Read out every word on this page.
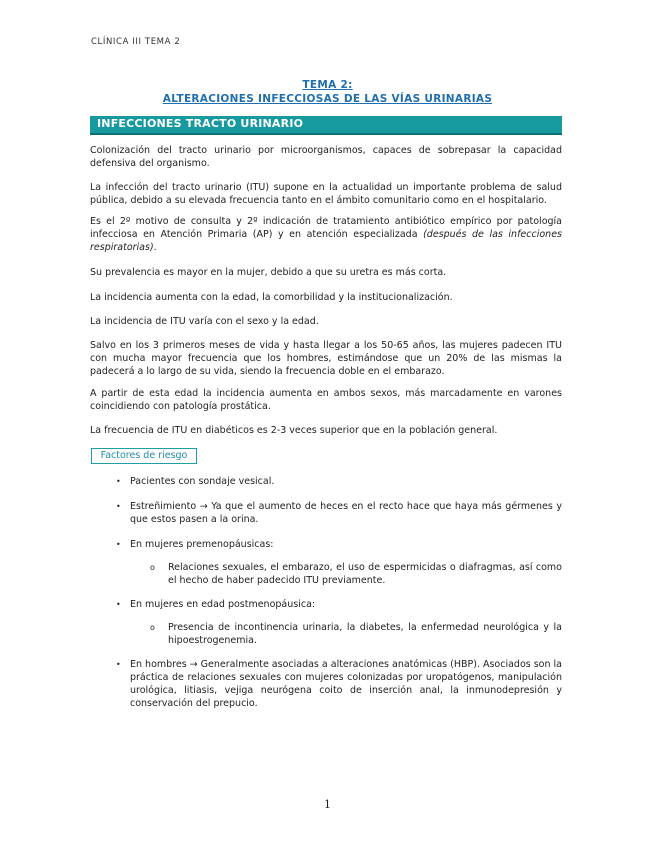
CLÍNICA III TEMA 2
TEMA 2:
ALTERACIONES INFECCIOSAS DE LAS VÍAS URINARIAS
INFECCIONES TRACTO URINARIO

Colonización del tracto urinario por microorganismos, capaces de sobrepasar la capacidad defensiva del organismo.

La infección del tracto urinario (ITU) supone en la actualidad un importante problema de salud pública, debido a su elevada frecuencia tanto en el ámbito comunitario como en el hospitalario.

Es el 2º motivo de consulta y 2º indicación de tratamiento antibiótico empírico por patología infecciosa en Atención Primaria (AP) y en atención especializada (después de las infecciones respiratorias).

Su prevalencia es mayor en la mujer, debido a que su uretra es más corta.

La incidencia aumenta con la edad, la comorbilidad y la institucionalización.

La incidencia de ITU varía con el sexo y la edad.

Salvo en los 3 primeros meses de vida y hasta llegar a los 50-65 años, las mujeres padecen ITU con mucha mayor frecuencia que los hombres, estimándose que un 20% de las mismas la padecerá a lo largo de su vida, siendo la frecuencia doble en el embarazo.

A partir de esta edad la incidencia aumenta en ambos sexos, más marcadamente en varones coincidiendo con patología prostática.

La frecuencia de ITU en diabéticos es 2-3 veces superior que en la población general.

Factores de riesgo
• Pacientes con sondaje vesical.

• Estreñimiento → Ya que el aumento de heces en el recto hace que haya más gérmenes y que estos pasen a la orina.

• En mujeres premenopáusicas:

o Relaciones sexuales, el embarazo, el uso de espermicidas o diafragmas, así como el hecho de haber padecido ITU previamente.

• En mujeres en edad postmenopáusica:

o Presencia de incontinencia urinaria, la diabetes, la enfermedad neurológica y la hipoestrogenemia.

• En hombres → Generalmente asociadas a alteraciones anatómicas (HBP). Asociados son la práctica de relaciones sexuales con mujeres colonizadas por uropatógenos, manipulación urológica, litiasis, vejiga neurógena coito de inserción anal, la inmunodepresión y conservación del prepucio.

1
